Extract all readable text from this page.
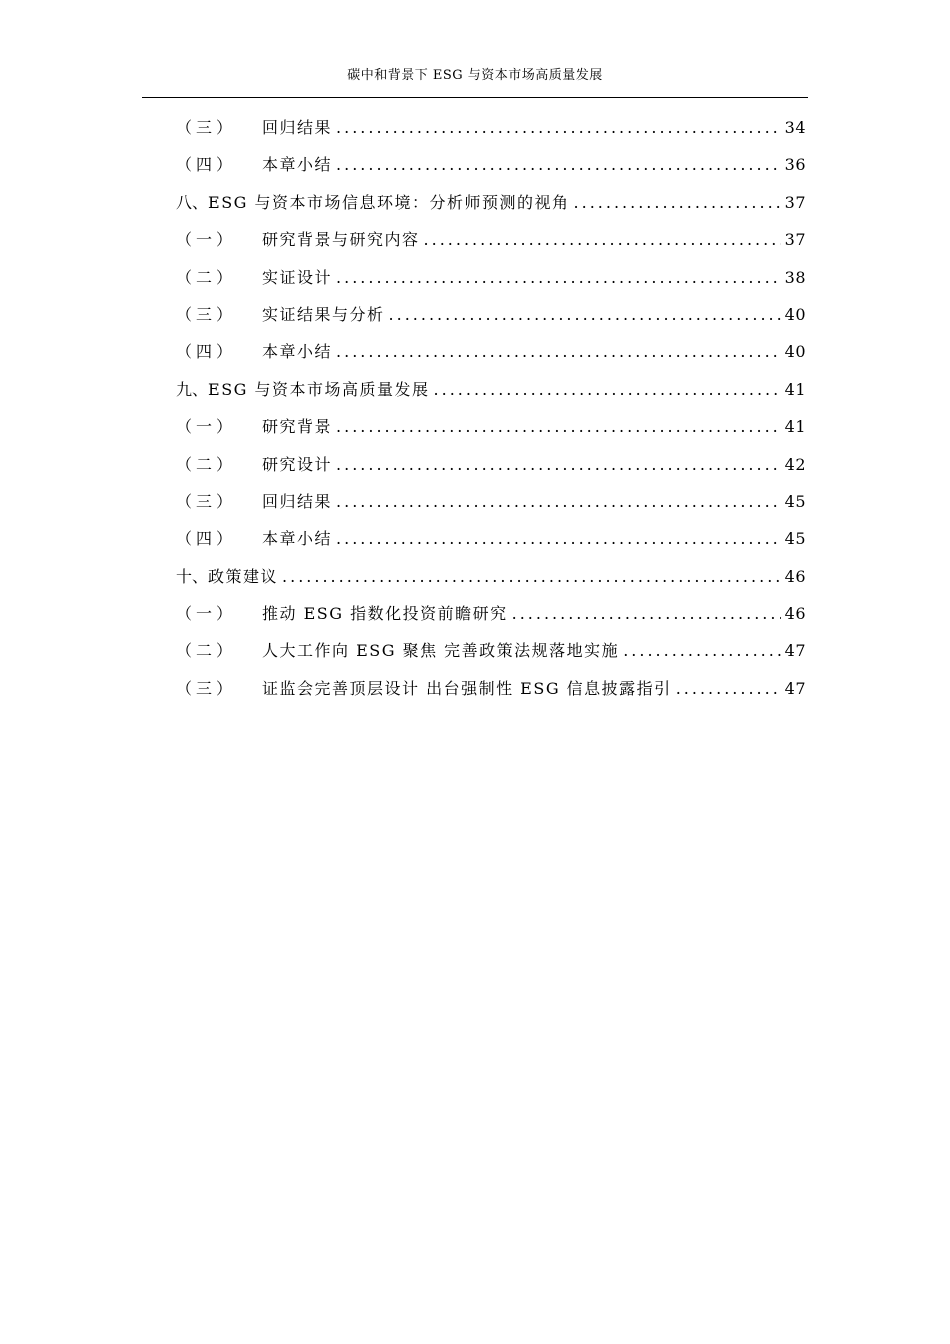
碳中和背景下 ESG 与资本市场高质量发展
（三）	回归结果 .....	34
（四）	本章小结 .....	36
八、 ESG 与资本市场信息环境：分析师预测的视角 .....	37
（一）	研究背景与研究内容 .....	37
（二）	实证设计 .....	38
（三）	实证结果与分析 .....	40
（四）	本章小结 .....	40
九、 ESG 与资本市场高质量发展 .....	41
（一）	研究背景 .....	41
（二）	研究设计 .....	42
（三）	回归结果 .....	45
（四）	本章小结 .....	45
十、 政策建议 .....	46
（一）	推动 ESG 指数化投资前瞻研究 .....	46
（二）	人大工作向 ESG 聚焦 完善政策法规落地实施 .....	47
（三）	证监会完善顶层设计 出台强制性 ESG 信息披露指引 .....	47
